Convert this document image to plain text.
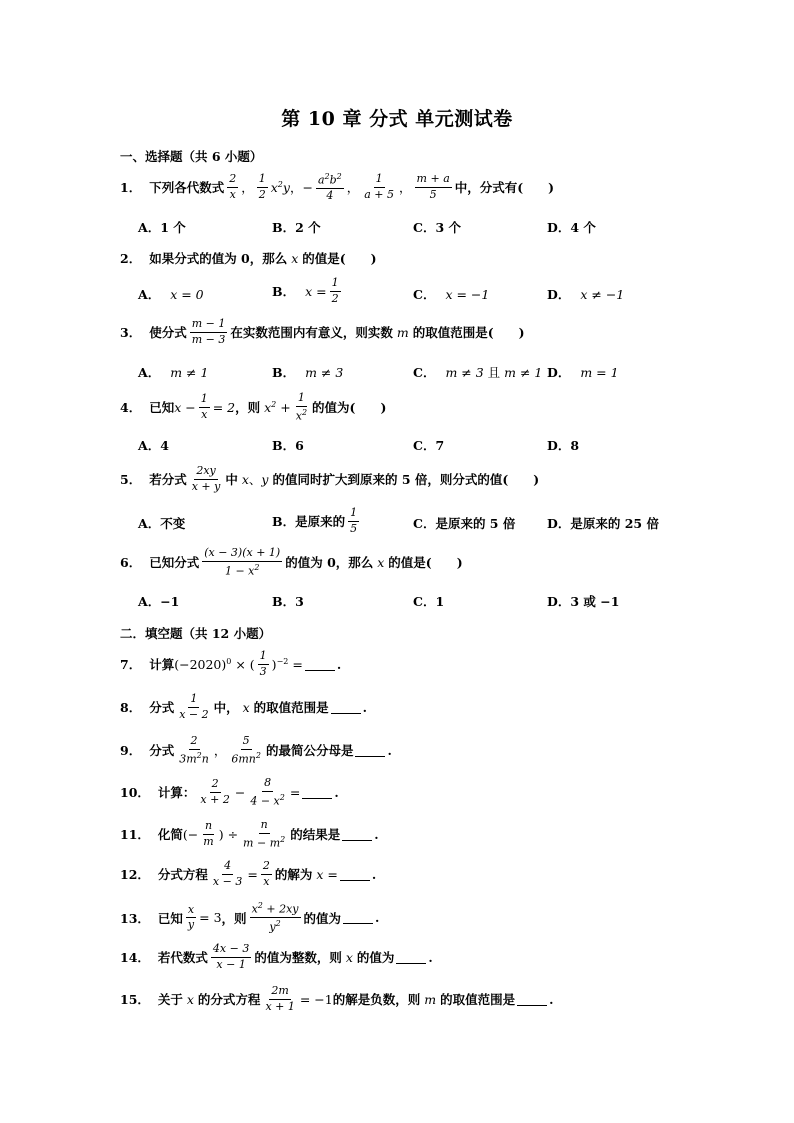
第 10 章 分式 单元测试卷
一、选择题（共 6 小题）
1． 下列各代数式 $\frac{2}{x}$ ， $\frac{1}{2} x^2y$ ，− $\frac{a^2b^2}{4}$ ， $\frac{1}{a + 5}$ ， $\frac{m + a}{5}$ 中，分式有(　　)
A．1 个	B．2 个	C．3 个	D．4 个
2． 如果分式的值为 0，那么 x 的值是(　　)
A． x = 0	B． $x = \frac{1}{2}$	C． x = −1	D． x ≠ −1
3． 使分式 $\frac{m - 1}{m - 3}$ 在实数范围内有意义，则实数 m 的取值范围是(　　)
A． m ≠ 1	B． m ≠ 3	C． m ≠ 3 且 m ≠ 1 D． m = 1
4． 已知 $x - \frac{1}{x} = 2$ ，则 $x^2 + \frac{1}{x^2}$ 的值为(　　)
A．4	B．6	C．7	D．8
5． 若分式 $\frac{2xy}{x + y}$ 中 x 、 y 的值同时扩大到原来的 5 倍，则分式的值(　　)
A．不变	B．是原来的 $\frac{1}{5}$	C．是原来的 5 倍	D．是原来的 25 倍
6． 已知分式 $\frac{(x - 3)(x + 1)}{1 - x^2}$ 的值为 0，那么 x 的值是(　　)
A．−1	B．3	C．1	D．3 或 −1
二．填空题（共 12 小题）
7． 计算 $(-2020)^0$ × ( $\frac{1}{3} )^{-2}$ =	.
8． 分式 $\frac{1}{x - 2}$ 中， x 的取值范围是	.
9． 分式 $\frac{2}{3m^2n}$ ， $\frac{5}{6mn^2}$ 的最简公分母是	.
10． 计算： $\frac{2}{x + 2} - \frac{8}{4 - x^2}$ =	.
11． 化简 (− $\frac{n}{m}$ ) ÷ $\frac{n}{m - m^2}$ 的结果是	.
12． 分式方程 $\frac{4}{x - 3} = \frac{2}{x}$ 的解为 x =	.
13． 已知 $\frac{x}{y} = 3$ ，则 $\frac{x^2 + 2xy}{y^2}$ 的值为	.
14． 若代数式 $\frac{4x - 3}{x - 1}$ 的值为整数，则 x 的值为	.
15． 关于 x 的分式方程 $\frac{2m}{x + 1} = -1$ 的解是负数，则 m 的取值范围是	.
